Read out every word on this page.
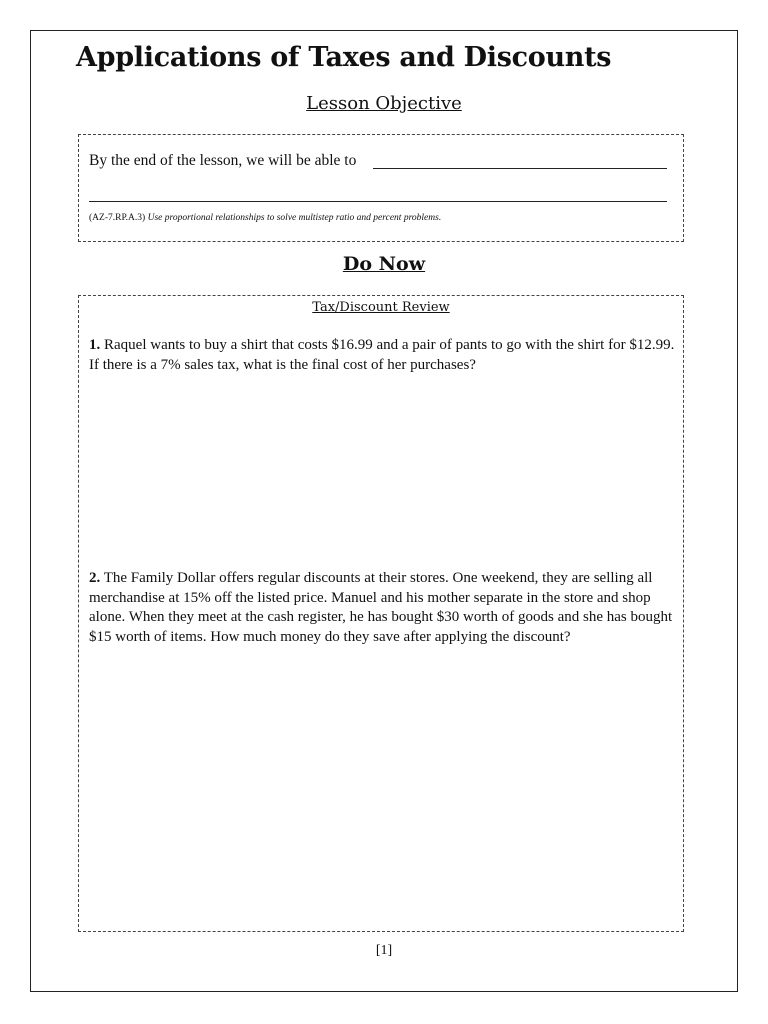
Applications of Taxes and Discounts
Lesson Objective
By the end of the lesson, we will be able to
(AZ-7.RP.A.3) Use proportional relationships to solve multistep ratio and percent problems.
Do Now
Tax/Discount Review
1. Raquel wants to buy a shirt that costs $16.99 and a pair of pants to go with the shirt for $12.99. If there is a 7% sales tax, what is the final cost of her purchases?
2. The Family Dollar offers regular discounts at their stores. One weekend, they are selling all merchandise at 15% off the listed price. Manuel and his mother separate in the store and shop alone. When they meet at the cash register, he has bought $30 worth of goods and she has bought $15 worth of items. How much money do they save after applying the discount?
[1]
